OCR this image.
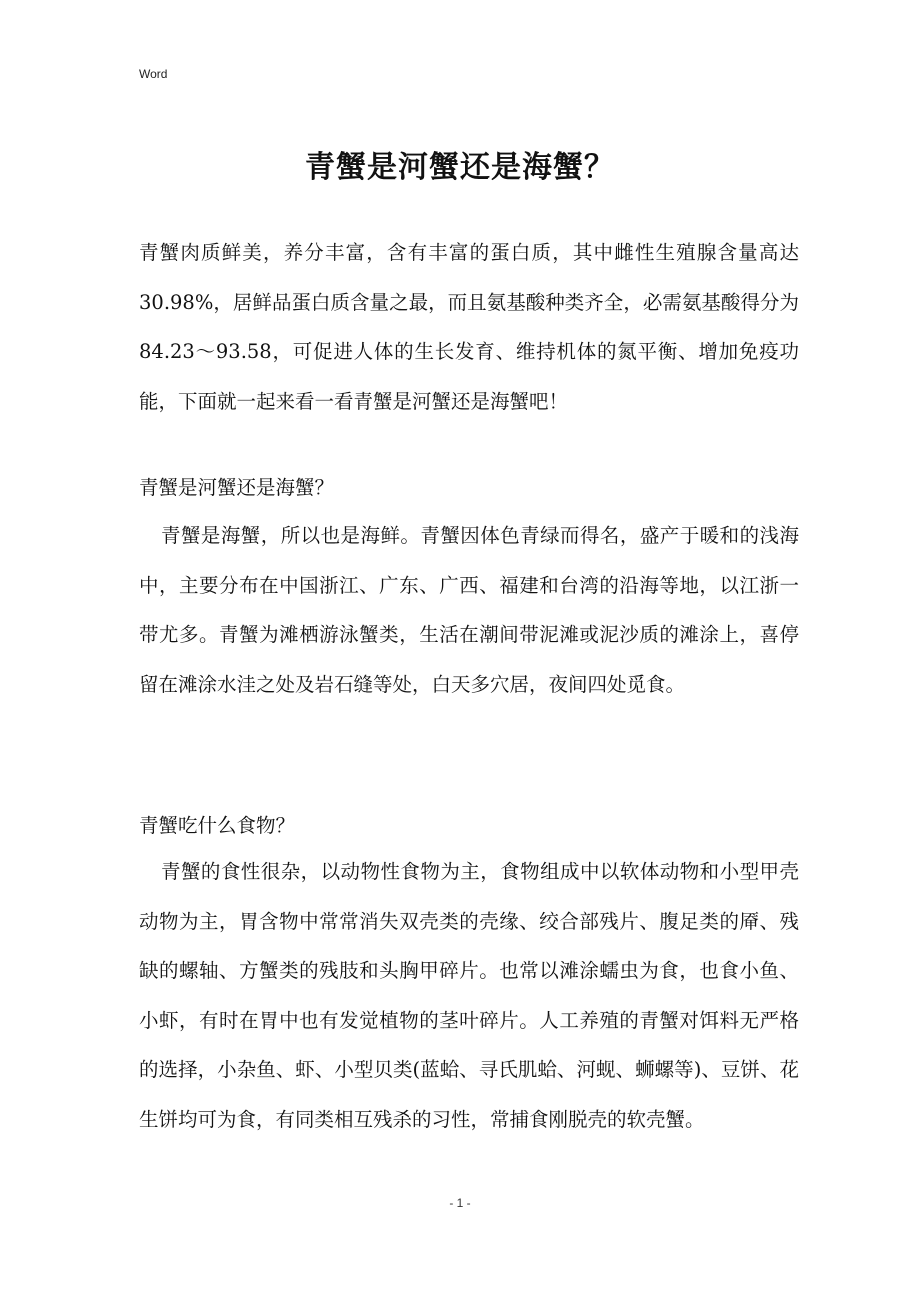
Word
青蟹是河蟹还是海蟹？

青蟹肉质鲜美，养分丰富，含有丰富的蛋白质，其中雌性生殖腺含量高达 30.98%，居鲜品蛋白质含量之最，而且氨基酸种类齐全，必需氨基酸得分为 84.23～93.58，可促进人体的生长发育、维持机体的氮平衡、增加免疫功能，下面就一起来看一看青蟹是河蟹还是海蟹吧！

青蟹是河蟹还是海蟹？

青蟹是海蟹，所以也是海鲜。青蟹因体色青绿而得名，盛产于暖和的浅海中，主要分布在中国浙江、广东、广西、福建和台湾的沿海等地，以江浙一带尤多。青蟹为滩栖游泳蟹类，生活在潮间带泥滩或泥沙质的滩涂上，喜停留在滩涂水洼之处及岩石缝等处，白天多穴居，夜间四处觅食。

青蟹吃什么食物？

青蟹的食性很杂，以动物性食物为主，食物组成中以软体动物和小型甲壳动物为主，胃含物中常常消失双壳类的壳缘、绞合部残片、腹足类的厣、残缺的螺轴、方蟹类的残肢和头胸甲碎片。也常以滩涂蠕虫为食，也食小鱼、小虾，有时在胃中也有发觉植物的茎叶碎片。人工养殖的青蟹对饵料无严格的选择，小杂鱼、虾、小型贝类(蓝蛤、寻氏肌蛤、河蚬、蛳螺等)、豆饼、花生饼均可为食，有同类相互残杀的习性，常捕食刚脱壳的软壳蟹。

- 1 -
